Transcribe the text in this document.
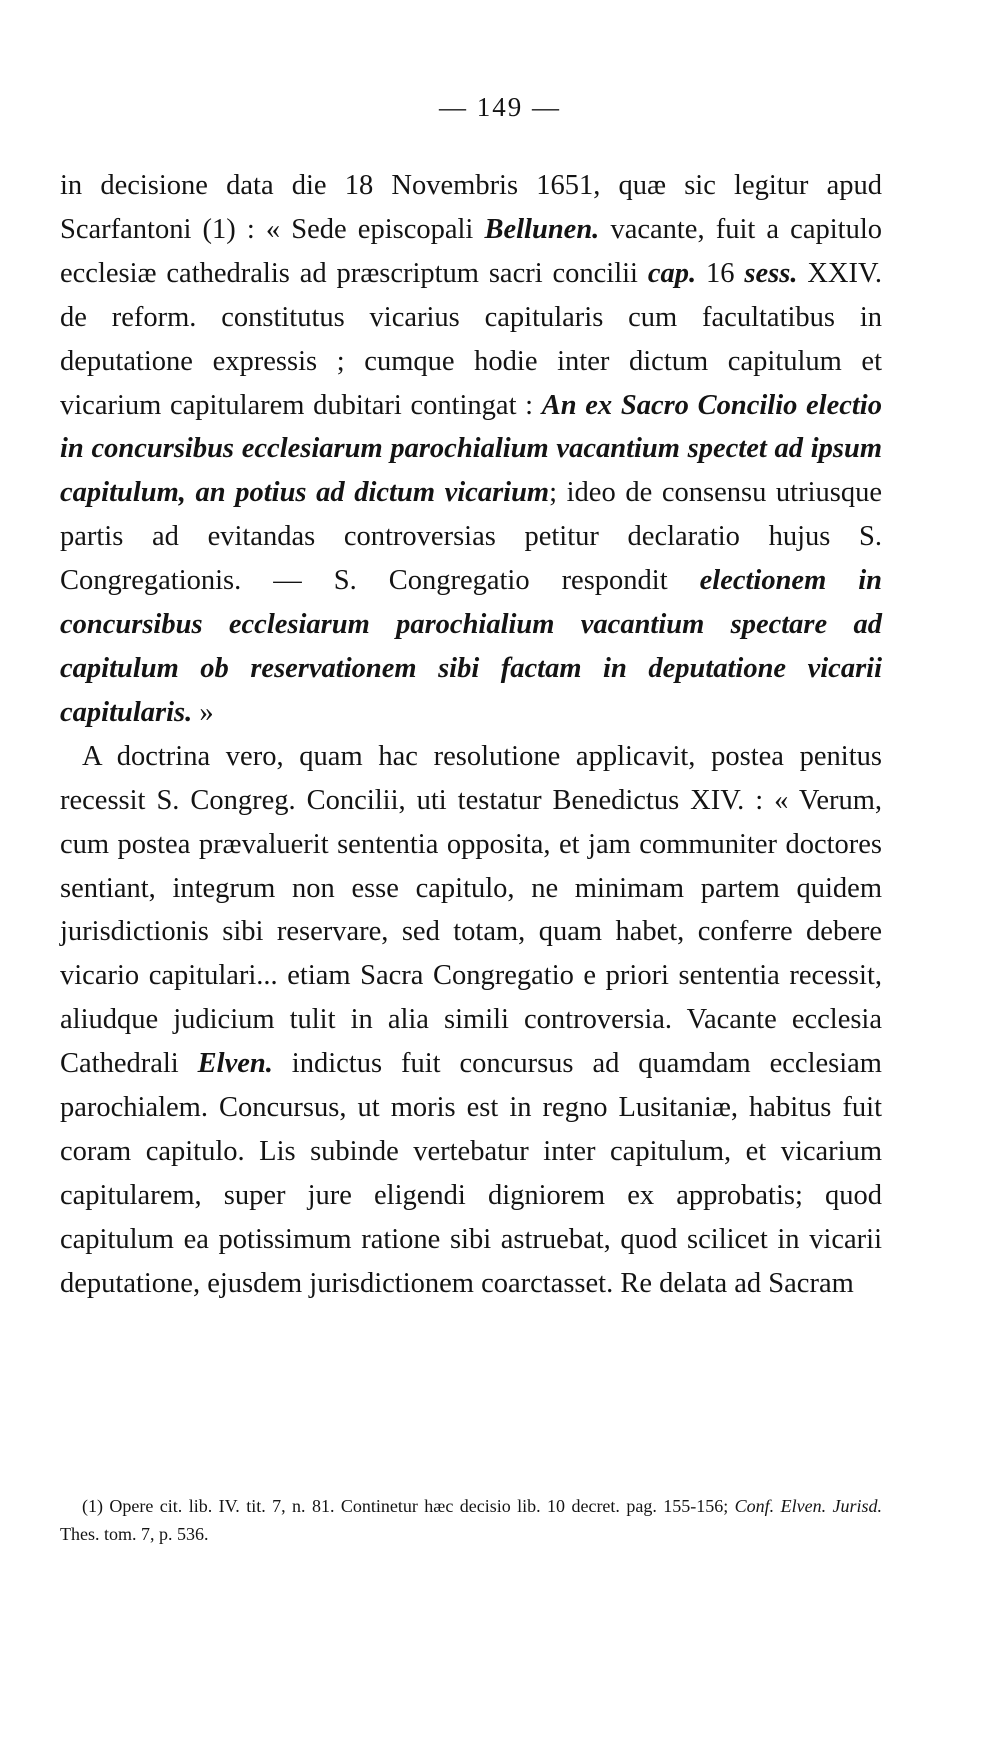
— 149 —

in decisione data die 18 Novembris 1651, quæ sic legitur apud Scarfantoni (1) : « Sede episcopali Bellunen. vacante, fuit a capitulo ecclesiæ cathedralis ad præscriptum sacri concilii cap. 16 sess. XXIV. de reform. constitutus vicarius capitularis cum facultatibus in deputatione expressis ; cumque hodie inter dictum capitulum et vicarium capitularem dubitari contingat : An ex Sacro Concilio electio in concursibus ecclesiarum parochialium vacantium spectet ad ipsum capitulum, an potius ad dictum vicarium; ideo de consensu utriusque partis ad evitandas controversias petitur declaratio hujus S. Congregationis. — S. Congregatio respondit electionem in concursibus ecclesiarum parochialium vacantium spectare ad capitulum ob reservationem sibi factam in deputatione vicarii capitularis. »

A doctrina vero, quam hac resolutione applicavit, postea penitus recessit S. Congreg. Concilii, uti testatur Benedictus XIV. : « Verum, cum postea prævaluerit sententia opposita, et jam communiter doctores sentiant, integrum non esse capitulo, ne minimam partem quidem jurisdictionis sibi reservare, sed totam, quam habet, conferre debere vicario capitulari... etiam Sacra Congregatio e priori sententia recessit, aliudque judicium tulit in alia simili controversia. Vacante ecclesia Cathedrali Elven. indictus fuit concursus ad quamdam ecclesiam parochialem. Concursus, ut moris est in regno Lusitaniæ, habitus fuit coram capitulo. Lis subinde vertebatur inter capitulum, et vicarium capitularem, super jure eligendi digniorem ex approbatis; quod capitulum ea potissimum ratione sibi astruebat, quod scilicet in vicarii deputatione, ejusdem jurisdictionem coarctasset. Re delata ad Sacram

(1) Opere cit. lib. IV. tit. 7, n. 81. Continetur hæc decisio lib. 10 decret. pag. 155-156; Conf. Elven. Jurisd. Thes. tom. 7, p. 536.
